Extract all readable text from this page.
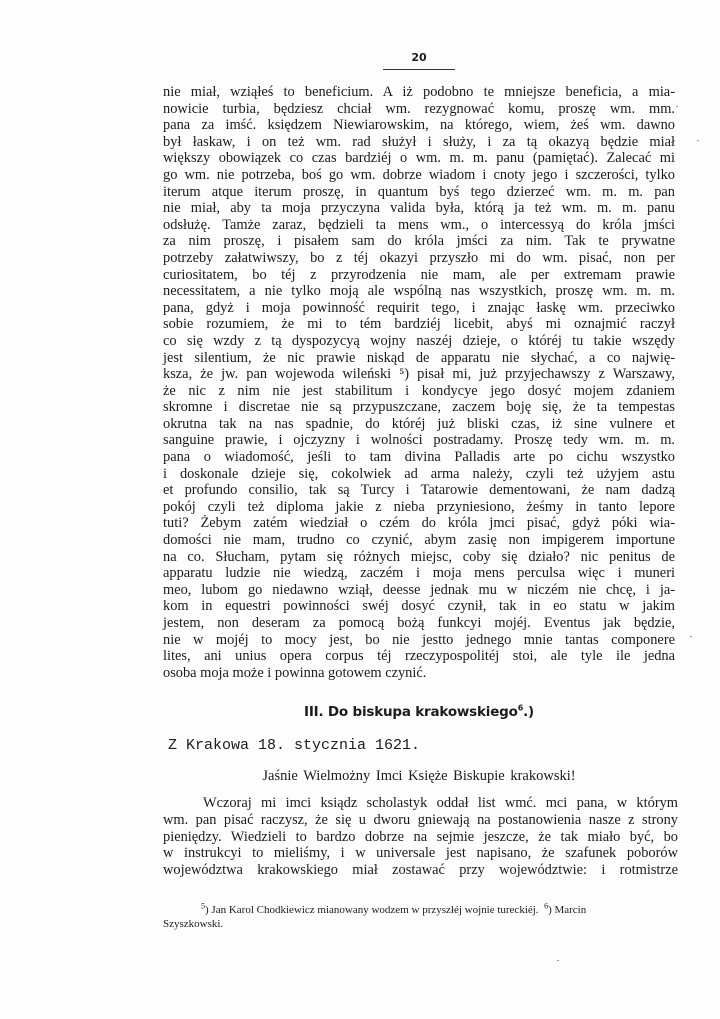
20
nie miał, wziąłeś to beneficium. A iż podobno te mniejsze beneficia, a mia-
nowicie turbia, będziesz chciał wm. rezygnować komu, proszę wm. mm.
pana za imść. księdzem Niewiarowskim, na którego, wiem, żeś wm. dawno
był łaskaw, i on też wm. rad służył i służy, i za tą okazyą będzie miał
większy obowiązek co czas bardziéj o wm. m. m. panu (pamiętać). Zalecać mi
go wm. nie potrzeba, boś go wm. dobrze wiadom i cnoty jego i szczerości, tylko
iterum atque iterum proszę, in quantum byś tego dzierzeć wm. m. m. pan
nie miał, aby ta moja przyczyna valida była, którą ja też wm. m. m. panu
odsłużę. Tamże zaraz, będzieli ta mens wm., o intercessyą do króla jmści
za nim proszę, i pisałem sam do króla jmści za nim. Tak te prywatne
potrzeby załatwiwszy, bo z téj okazyi przyszło mi do wm. pisać, non per
curiositatem, bo téj z przyrodzenia nie mam, ale per extremam prawie
necessitatem, a nie tylko moją ale wspólną nas wszystkich, proszę wm. m. m.
pana, gdyż i moja powinność requirit tego, i znając łaskę wm. przeciwko
sobie rozumiem, że mi to tém bardziéj licebit, abyś mi oznajmić raczył
co się wzdy z tą dyspozycyą wojny naszéj dzieje, o któréj tu takie wszędy
jest silentium, że nic prawie niskąd de apparatu nie słychać, a co najwię-
ksza, że jw. pan wojewoda wileński ⁵) pisał mi, już przyjechawszy z Warszawy,
że nic z nim nie jest stabilitum i kondycye jego dosyć mojem zdaniem
skromne i discretae nie są przypuszczane, zaczem boję się, że ta tempestas
okrutna tak na nas spadnie, do któréj już bliski czas, iż sine vulnere et
sanguine prawie, i ojczyzny i wolności postradamy. Proszę tedy wm. m. m.
pana o wiadomość, jeśli to tam divina Palladis arte po cichu wszystko
i doskonale dzieje się, cokolwiek ad arma należy, czyli też użyjem astu
et profundo consilio, tak są Turcy i Tatarowie dementowani, że nam dadzą
pokój czyli też diploma jakie z nieba przyniesiono, żeśmy in tanto lepore
tuti? Żebym zatém wiedział o czém do króla jmci pisać, gdyż póki wia-
domości nie mam, trudno co czynić, abym zasię non impigerem importune
na co. Słucham, pytam się różnych miejsc, coby się działo? nic penitus de
apparatu ludzie nie wiedzą, zaczém i moja mens perculsa więc i muneri
meo, lubom go niedawno wziął, deesse jednak mu w niczém nie chcę, i ja-
kom in equestri powinności swéj dosyć czynił, tak in eo statu w jakim
jestem, non deseram za pomocą bożą funkcyi mojéj. Eventus jak będzie,
nie w mojéj to mocy jest, bo nie jestto jednego mnie tantas componere
lites, ani unius opera corpus téj rzeczypospolitéj stoi, ale tyle ile jedna
osoba moja może i powinna gotowem czynić.
III. Do biskupa krakowskiego$^6$.)
Z Krakowa 18. stycznia 1621.
Jaśnie Wielmożny Imci Księże Biskupie krakowski!
Wczoraj mi imci ksiądz scholastyk oddał list wmć. mci pana, w którym
wm. pan pisać raczysz, że się u dworu gniewają na postanowienia nasze z strony
pieniędzy. Wiedzieli to bardzo dobrze na sejmie jeszcze, że tak miało być, bo
w instrukcyi to mieliśmy, i w universale jest napisano, że szafunek poborów
województwa krakowskiego miał zostawać przy województwie: i rotmistrze
$^5$) Jan Karol Chodkiewicz mianowany wodzem w przyszłéj wojnie tureckiéj. $^6$) Marcin
Szyszkowski.
